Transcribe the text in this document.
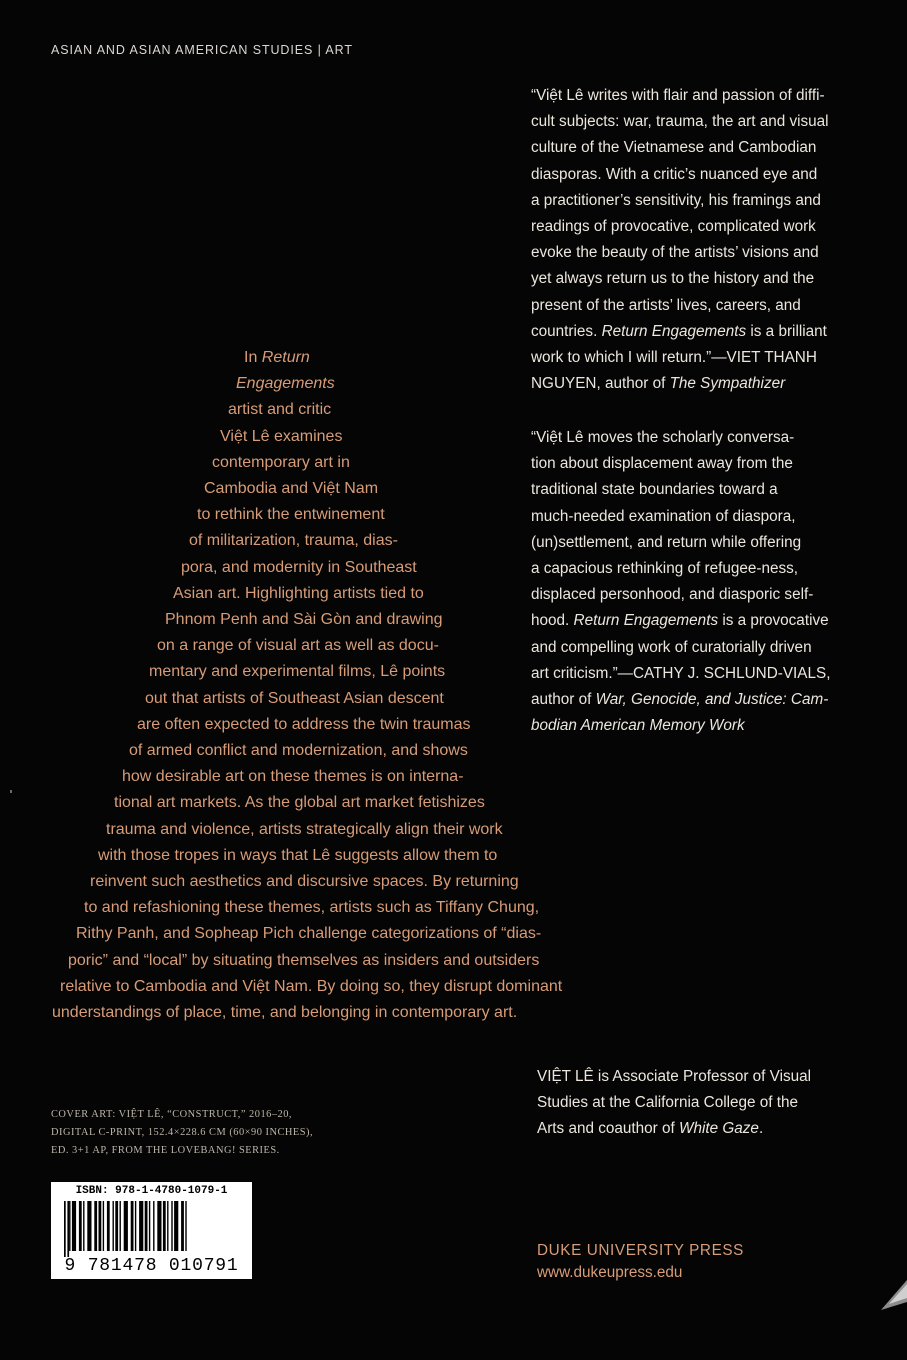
ASIAN AND ASIAN AMERICAN STUDIES | ART
“Việt Lê writes with flair and passion of diffi-
cult subjects: war, trauma, the art and visual
culture of the Vietnamese and Cambodian
diasporas. With a critic’s nuanced eye and
a practitioner’s sensitivity, his framings and
readings of provocative, complicated work
evoke the beauty of the artists’ visions and
yet always return us to the history and the
present of the artists’ lives, careers, and
countries. Return Engagements is a brilliant
work to which I will return.”—VIET THANH
NGUYEN, author of The Sympathizer
“Việt Lê moves the scholarly conversa-
tion about displacement away from the
traditional state boundaries toward a
much-needed examination of diaspora,
(un)settlement, and return while offering
a capacious rethinking of refugee-ness,
displaced personhood, and diasporic self-
hood. Return Engagements is a provocative
and compelling work of curatorially driven
art criticism.”—CATHY J. SCHLUND-VIALS,
author of War, Genocide, and Justice: Cam-
bodian American Memory Work
In Return
Engagements
artist and critic
Việt Lê examines
contemporary art in
Cambodia and Việt Nam
to rethink the entwinement
of militarization, trauma, dias-
pora, and modernity in Southeast
Asian art. Highlighting artists tied to
Phnom Penh and Sài Gòn and drawing
on a range of visual art as well as docu-
mentary and experimental films, Lê points
out that artists of Southeast Asian descent
are often expected to address the twin traumas
of armed conflict and modernization, and shows
how desirable art on these themes is on interna-
tional art markets. As the global art market fetishizes
trauma and violence, artists strategically align their work
with those tropes in ways that Lê suggests allow them to
reinvent such aesthetics and discursive spaces. By returning
to and refashioning these themes, artists such as Tiffany Chung,
Rithy Panh, and Sopheap Pich challenge categorizations of “dias-
poric” and “local” by situating themselves as insiders and outsiders
relative to Cambodia and Việt Nam. By doing so, they disrupt dominant
understandings of place, time, and belonging in contemporary art.
VIỆT LÊ is Associate Professor of Visual
Studies at the California College of the
Arts and coauthor of White Gaze.
COVER ART: VIỆT LÊ, “CONSTRUCT,” 2016–20,
DIGITAL C-PRINT, 152.4×228.6 CM (60×90 INCHES),
ED. 3+1 AP, FROM THE LOVEBANG! SERIES.
ISBN: 978-1-4780-1079-1
9 781478 010791
DUKE UNIVERSITY PRESS
www.dukeupress.edu
